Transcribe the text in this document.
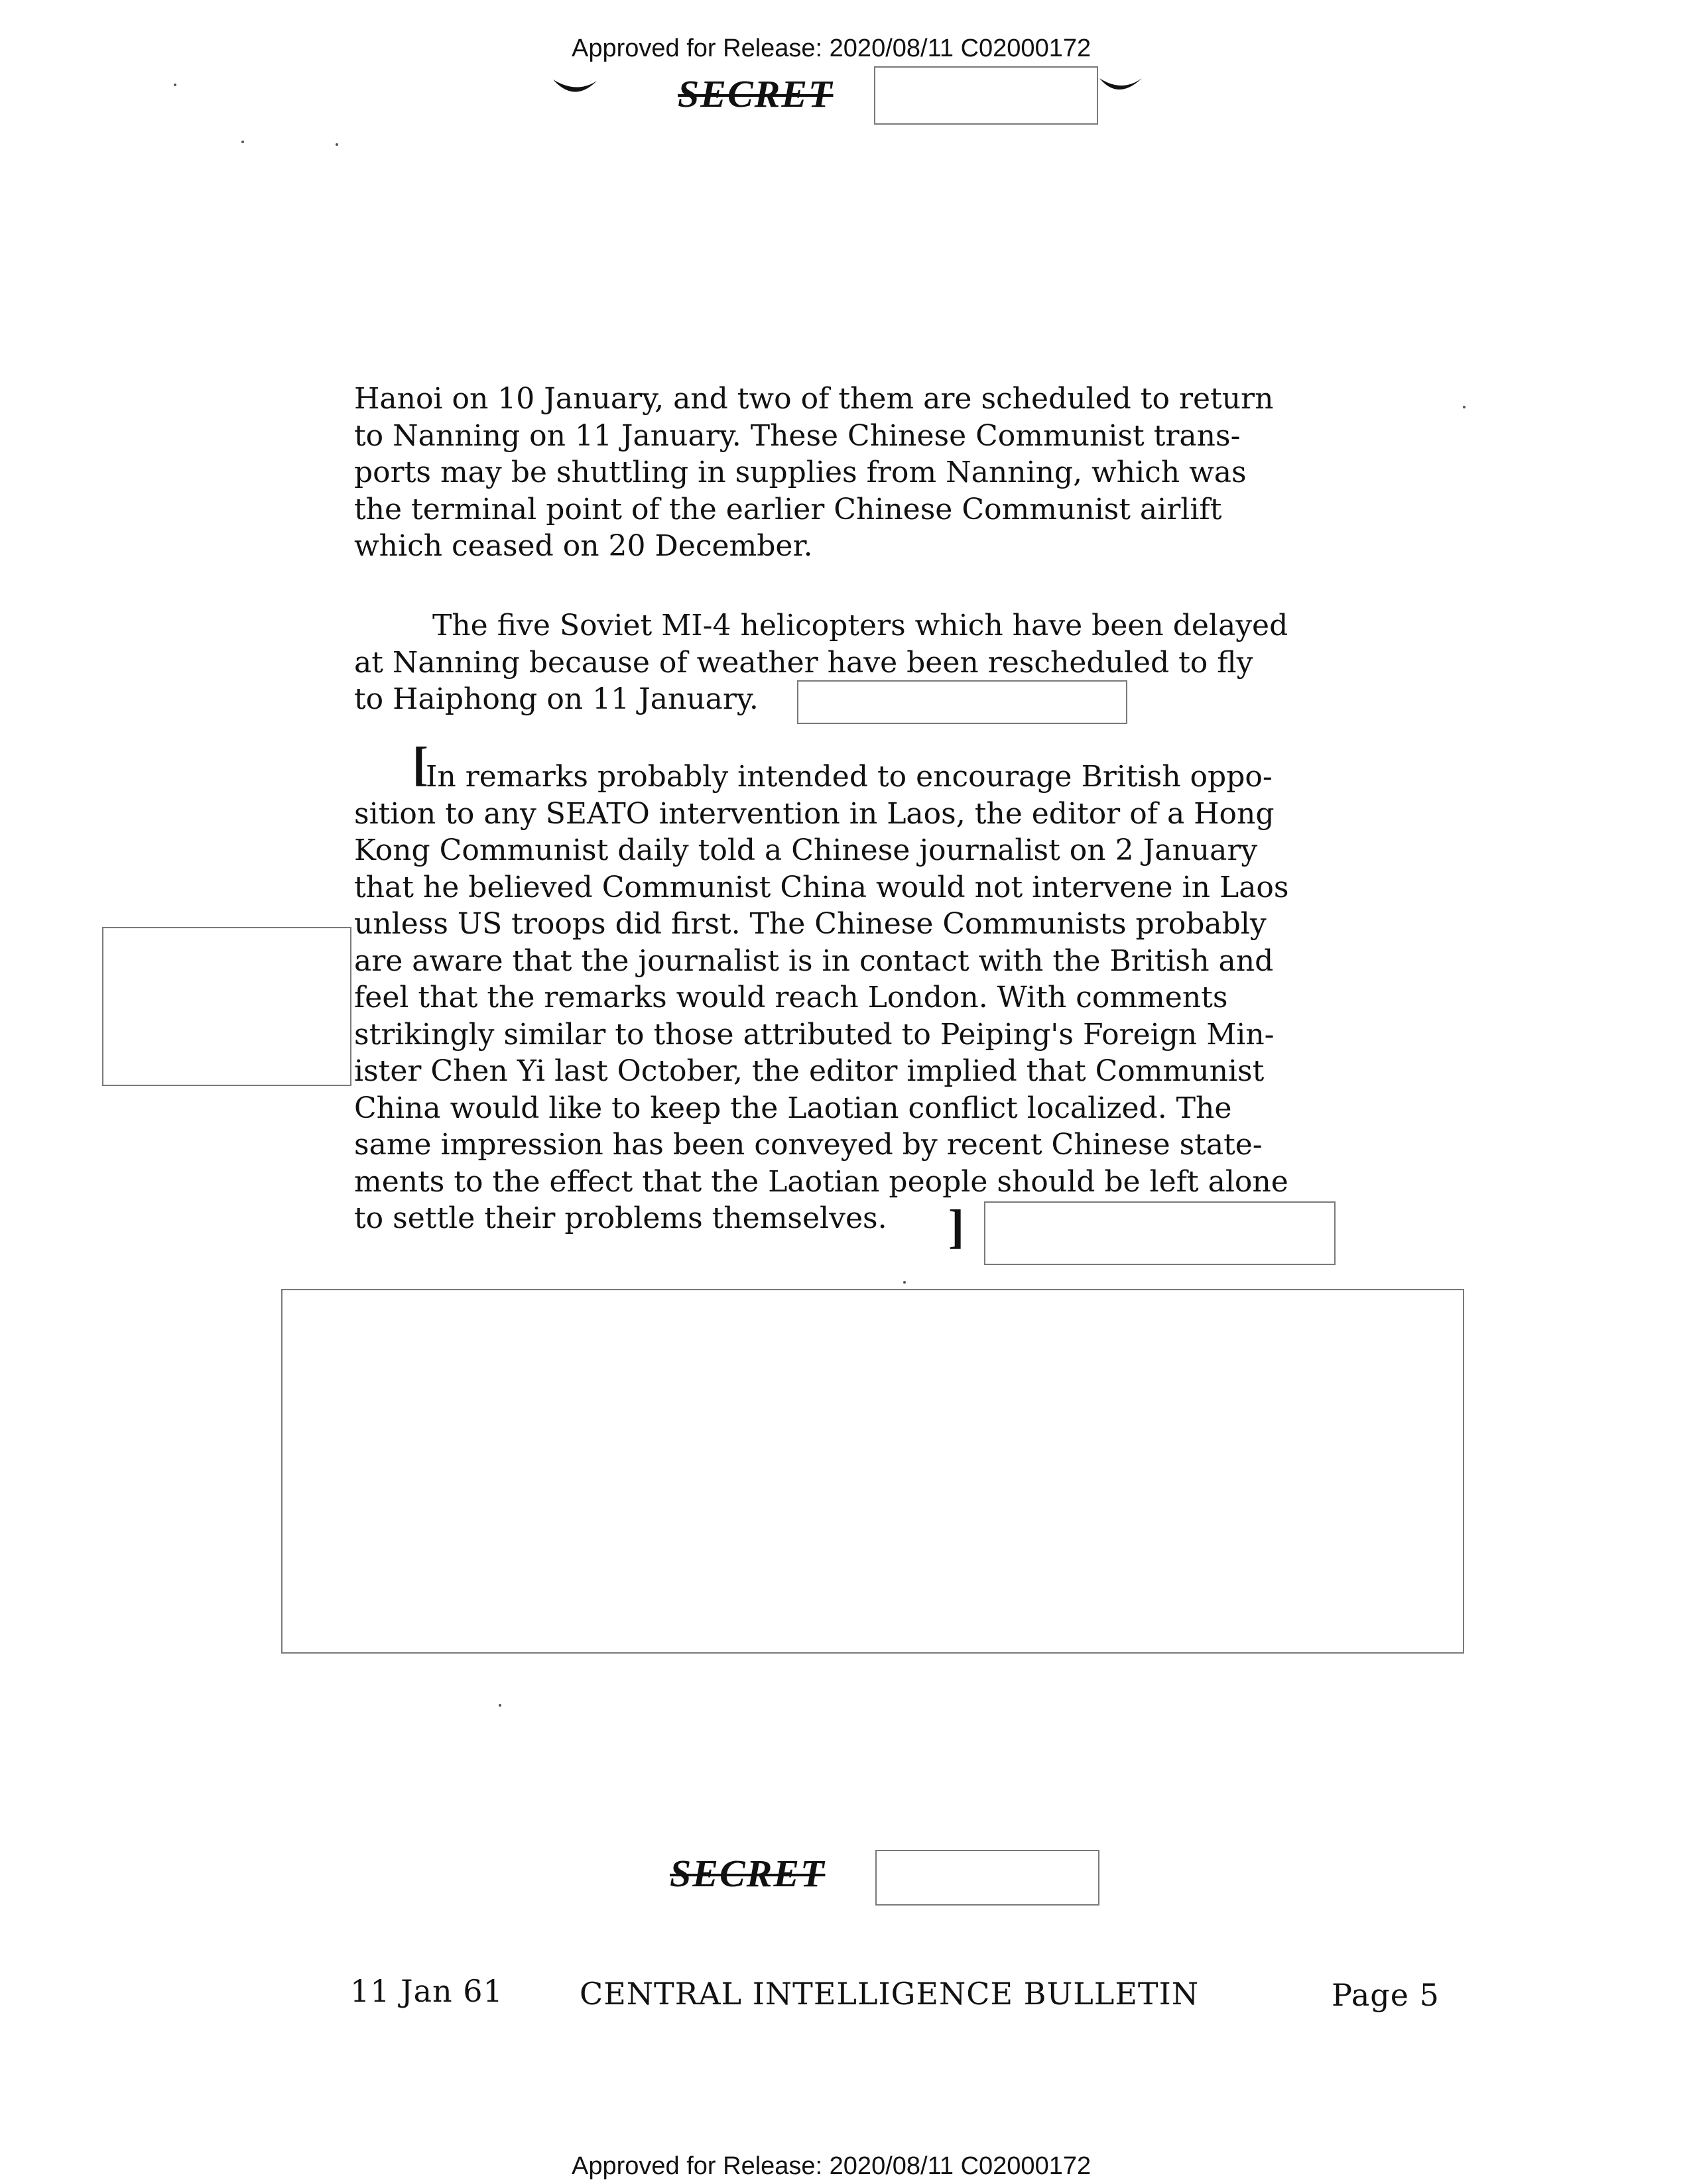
Approved for Release: 2020/08/11 C02000172
SECRET
Hanoi on 10 January, and two of them are scheduled to return
to Nanning on 11 January. These Chinese Communist trans-
ports may be shuttling in supplies from Nanning, which was
the terminal point of the earlier Chinese Communist airlift
which ceased on 20 December.
The five Soviet MI-4 helicopters which have been delayed
at Nanning because of weather have been rescheduled to fly
to Haiphong on 11 January.
[
In remarks probably intended to encourage British oppo-
sition to any SEATO intervention in Laos, the editor of a Hong
Kong Communist daily told a Chinese journalist on 2 January
that he believed Communist China would not intervene in Laos
unless US troops did first. The Chinese Communists probably
are aware that the journalist is in contact with the British and
feel that the remarks would reach London. With comments
strikingly similar to those attributed to Peiping's Foreign Min-
ister Chen Yi last October, the editor implied that Communist
China would like to keep the Laotian conflict localized. The
same impression has been conveyed by recent Chinese state-
ments to the effect that the Laotian people should be left alone
to settle their problems themselves.	]
SECRET
11 Jan 61	CENTRAL INTELLIGENCE BULLETIN	Page 5
Approved for Release: 2020/08/11 C02000172
